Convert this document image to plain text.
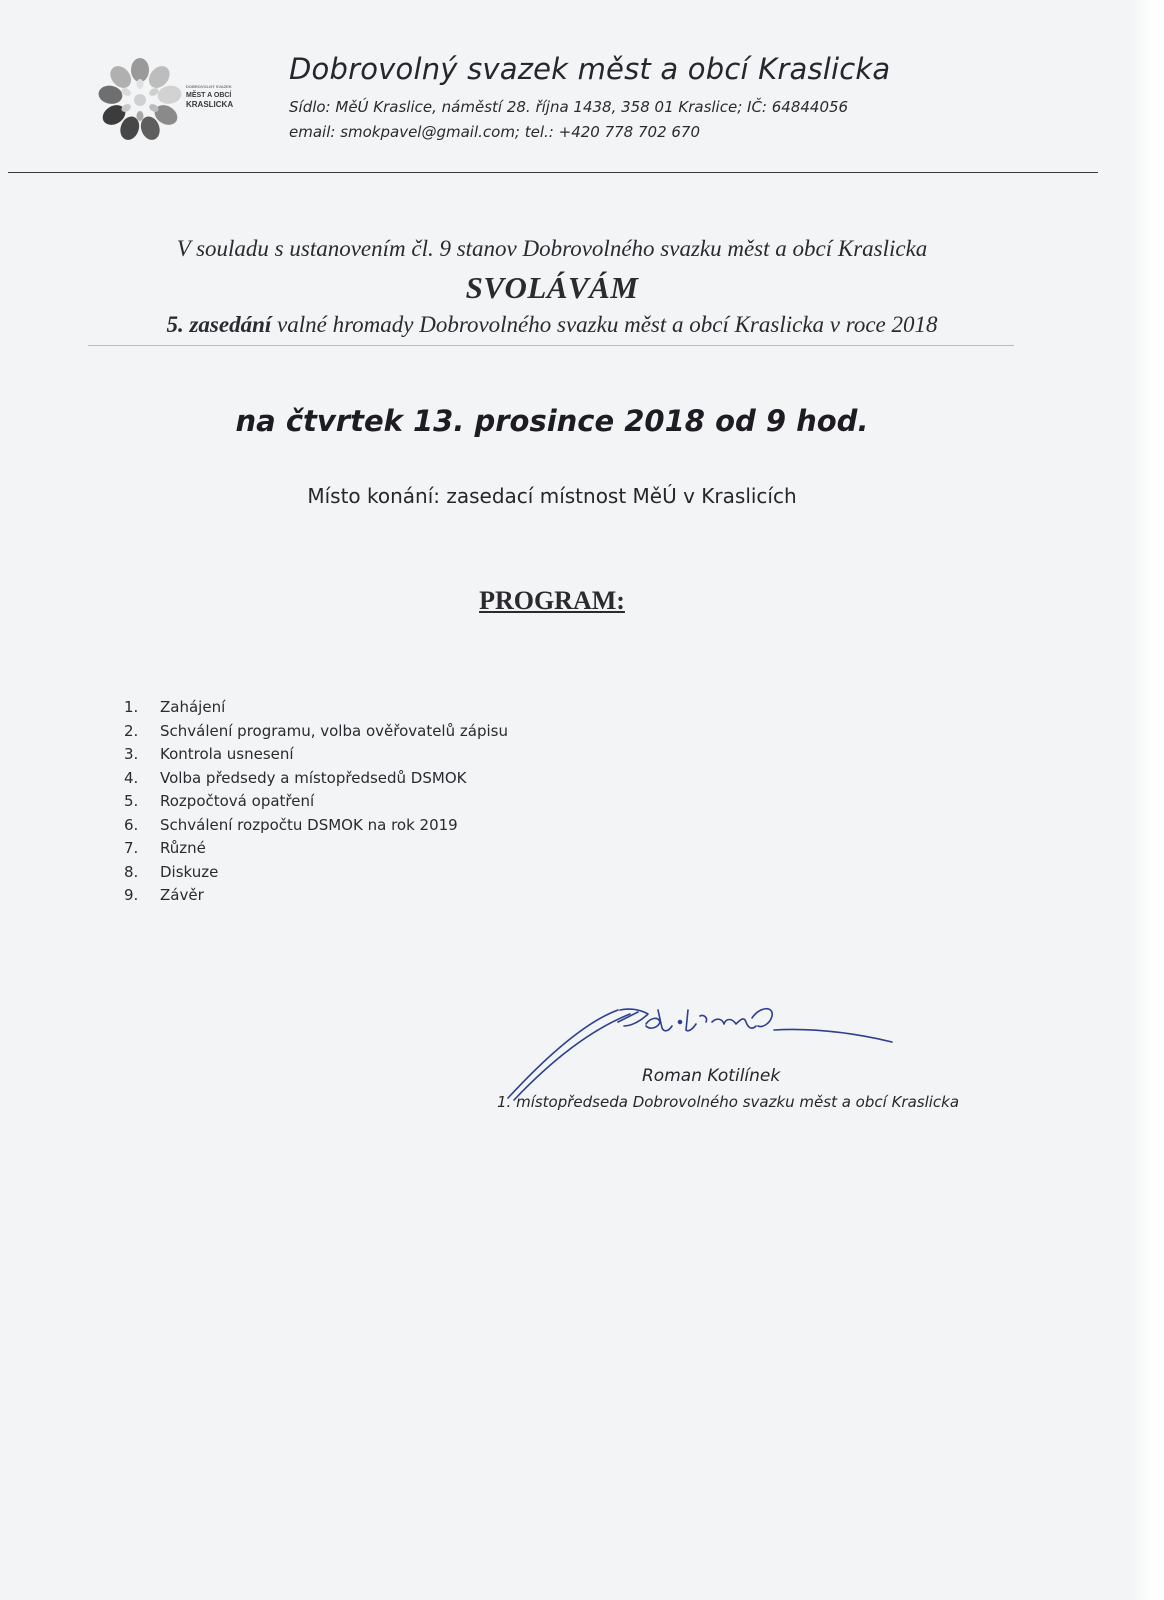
DOBROVOLNÝ SVAZEK
MĚST A OBCÍ
KRASLICKA
Dobrovolný svazek měst a obcí Kraslicka
Sídlo: MěÚ Kraslice, náměstí 28. října 1438, 358 01 Kraslice; IČ: 64844056
email: smokpavel@gmail.com; tel.: +420 778 702 670
V souladu s ustanovením čl. 9 stanov Dobrovolného svazku měst a obcí Kraslicka
SVOLÁVÁM
5. zasedání valné hromady Dobrovolného svazku měst a obcí Kraslicka v roce 2018
na čtvrtek 13. prosince 2018 od 9 hod.
Místo konání: zasedací místnost MěÚ v Kraslicích
PROGRAM:
1. Zahájení
2. Schválení programu, volba ověřovatelů zápisu
3. Kontrola usnesení
4. Volba předsedy a místopředsedů DSMOK
5. Rozpočtová opatření
6. Schválení rozpočtu DSMOK na rok 2019
7. Různé
8. Diskuze
9. Závěr
Roman Kotilínek
1. místopředseda Dobrovolného svazku měst a obcí Kraslicka
